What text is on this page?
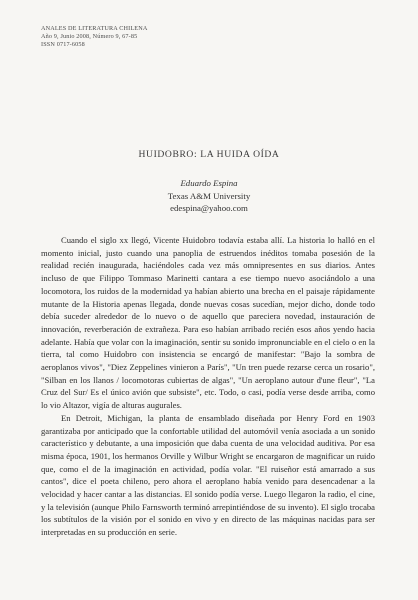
ANALES DE LITERATURA CHILENA
Año 9, Junio 2008, Número 9, 67-85
ISSN 0717-6058
HUIDOBRO: LA HUIDA OÍDA
Eduardo Espina
Texas A&M University
edespina@yahoo.com

Cuando el siglo xx llegó, Vicente Huidobro todavía estaba allí. La historia lo halló en el momento inicial, justo cuando una panoplia de estruendos inéditos tomaba posesión de la realidad recién inaugurada, haciéndoles cada vez más omnipresentes en sus diarios. Antes incluso de que Filippo Tommaso Marinetti cantara a ese tiempo nuevo asociándolo a una locomotora, los ruidos de la modernidad ya habían abierto una brecha en el paisaje rápidamente mutante de la Historia apenas llegada, donde nuevas cosas sucedían, mejor dicho, donde todo debía suceder alrededor de lo nuevo o de aquello que pareciera novedad, instauración de innovación, reverberación de extrañeza. Para eso habían arribado recién esos años yendo hacia adelante. Había que volar con la imaginación, sentir su sonido impronunciable en el cielo o en la tierra, tal como Huidobro con insistencia se encargó de manifestar: "Bajo la sombra de aeroplanos vivos", "Diez Zeppelines vinieron a París", "Un tren puede rezarse cerca un rosario", "Silban en los llanos / locomotoras cubiertas de algas", "Un aeroplano autour d'une fleur", "La Cruz del Sur/ Es el único avión que subsiste", etc. Todo, o casi, podía verse desde arriba, como lo vio Altazor, vigía de alturas augurales.

En Detroit, Michigan, la planta de ensamblado diseñada por Henry Ford en 1903 garantizaba por anticipado que la confortable utilidad del automóvil venía asociada a un sonido característico y debutante, a una imposición que daba cuenta de una velocidad auditiva. Por esa misma época, 1901, los hermanos Orville y Wilbur Wright se encargaron de magnificar un ruido que, como el de la imaginación en actividad, podía volar. "El ruiseñor está amarrado a sus cantos", dice el poeta chileno, pero ahora el aeroplano había venido para desencadenar a la velocidad y hacer cantar a las distancias. El sonido podía verse. Luego llegaron la radio, el cine, y la televisión (aunque Philo Farnsworth terminó arrepintiéndose de su invento). El siglo trocaba los subtítulos de la visión por el sonido en vivo y en directo de las máquinas nacidas para ser interpretadas en su producción en serie.
